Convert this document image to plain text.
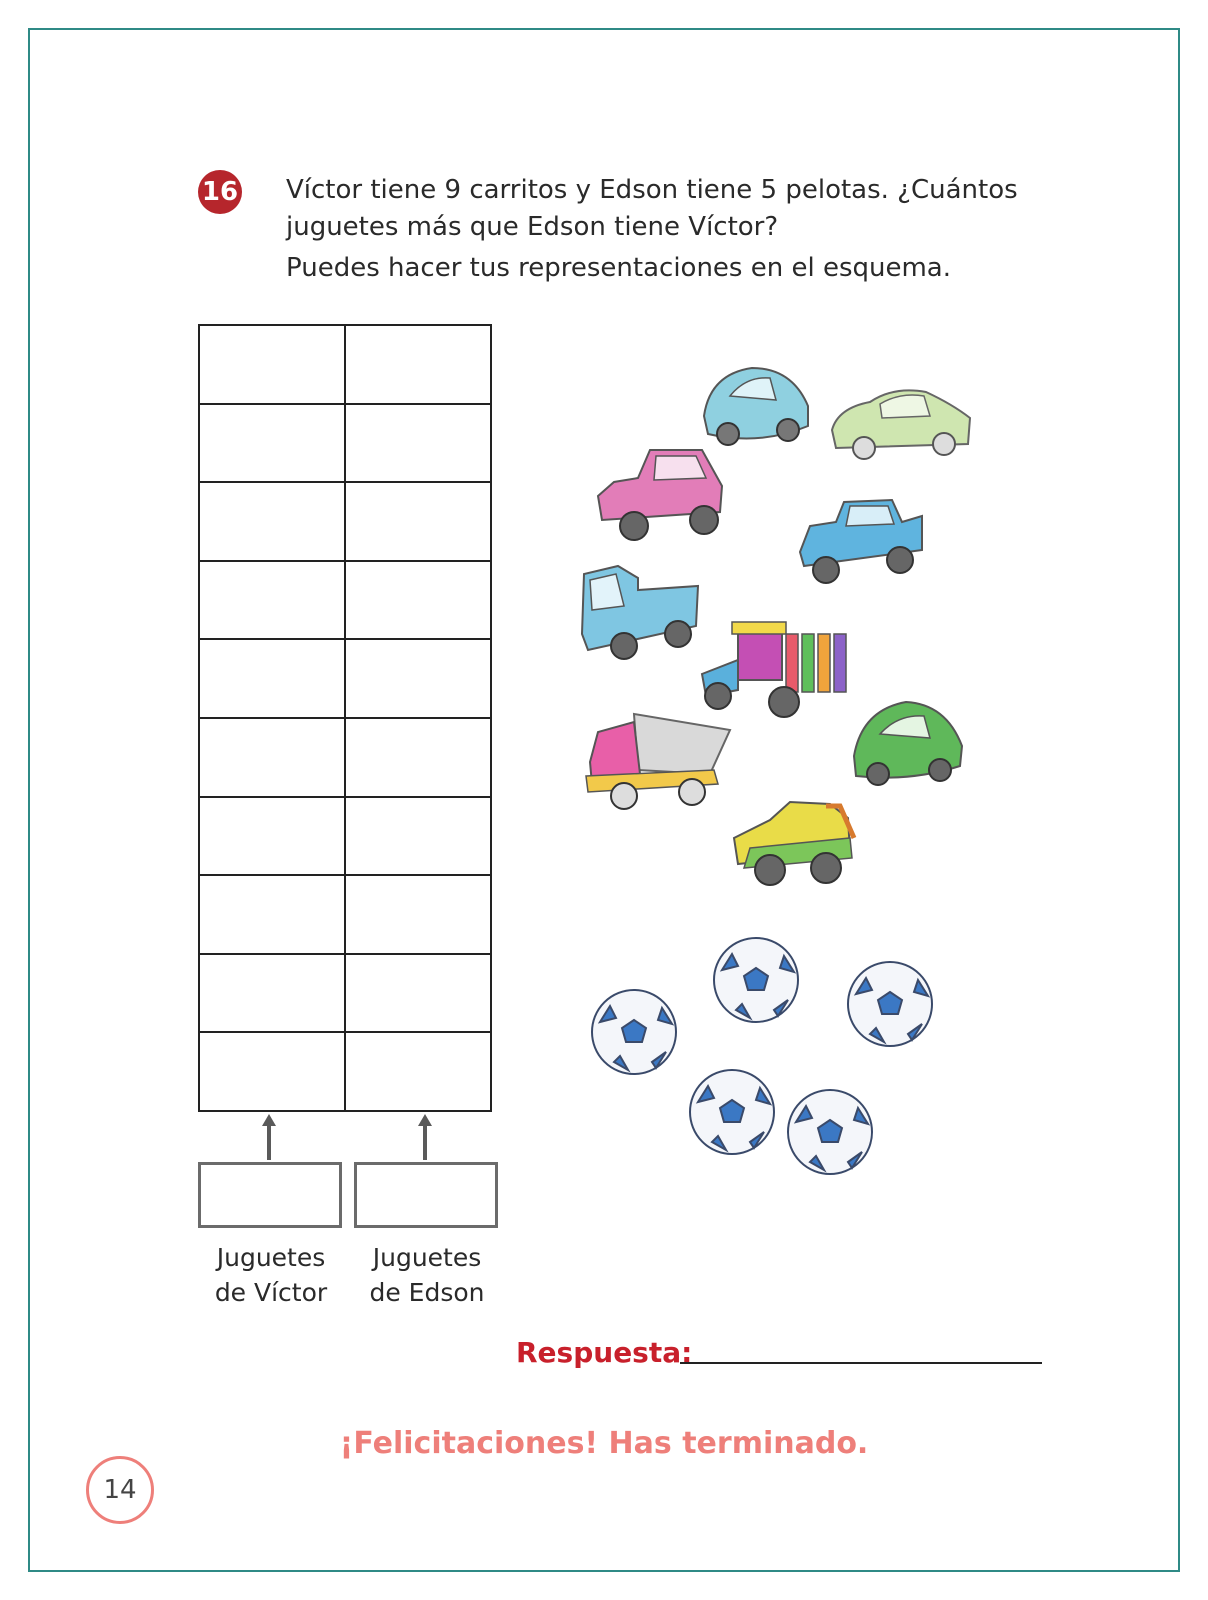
16 Víctor tiene 9 carritos y Edson tiene 5 pelotas. ¿Cuántos
juguetes más que Edson tiene Víctor?
Puedes hacer tus representaciones en el esquema.
Juguetes
de Víctor
Juguetes
de Edson
Respuesta:
¡Felicitaciones! Has terminado.
14
